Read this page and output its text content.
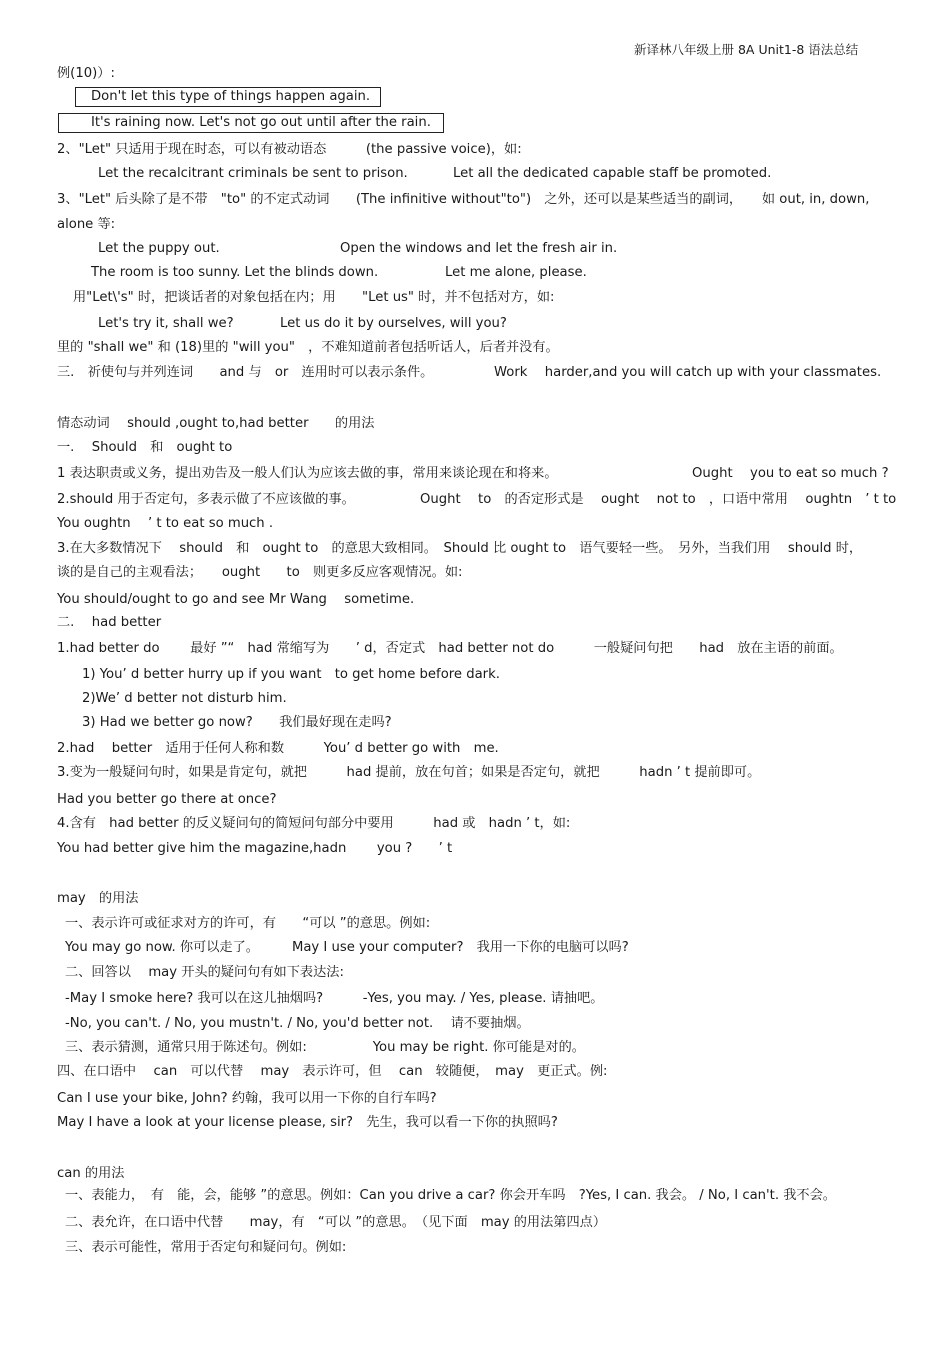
新译林八年级上册 8A Unit1-8 语法总结
例(10)）:
Don't let this type of things happen again.
It's raining now. Let's not go out until after the rain.
2、"Let" 只适用于现在时态，可以有被动语态　　　(the passive voice)，如:
Let the recalcitrant criminals be sent to prison.	Let all the dedicated capable staff be promoted.
3、"Let" 后头除了是不带　"to" 的不定式动词　　(The infinitive without"to")　之外，还可以是某些适当的副词，　　如 out, in, down,
alone 等:
Let the puppy out.	Open the windows and let the fresh air in.
The room is too sunny. Let the blinds down.	Let me alone, please.
用"Let\'s" 时，把谈话者的对象包括在内；用　　"Let us" 时，并不包括对方，如:
Let's try it, shall we?	Let us do it by ourselves, will you?
里的 "shall we" 和 (18)里的 "will you"　，不难知道前者包括听话人，后者并没有。
三.　祈使句与并列连词　　and 与　or　连用时可以表示条件。	Work　 harder,and you will catch up with your classmates.
情态动词　 should ,ought to,had better　　的用法
一.　 Should　和　ought to
1 表达职责或义务，提出劝告及一般人们认为应该去做的事，常用来谈论现在和将来。	Ought　 you to eat so much ?
2.should 用于否定句，多表示做了不应该做的事。	Ought　 to　的否定形式是　 ought　 not to　，口语中常用　 oughtn　’ t to
You oughtn　 ’ t to eat so much .
3.在大多数情况下　 should　和　ought to　的意思大致相同。　Should 比 ought to　语气要轻一些。　另外，当我们用　 should 时，
谈的是自己的主观看法；　　ought　　to　则更多反应客观情况。如:
You should/ought to go and see Mr Wang　 sometime.
二.　 had better
1.had better do　　 最好 ”“　had 常缩写为　　’ d，否定式　had better not do　　　一般疑问句把　　had　放在主语的前面。
1) You’ d better hurry up if you want　to get home before dark.
2)We’ d better not disturb him.
3) Had we better go now?　　我们最好现在走吗?
2.had　 better　适用于任何人称和数　　　You’ d better go with　me.
3.变为一般疑问句时，如果是肯定句，就把　　　had 提前，放在句首；如果是否定句，就把　　　hadn ’ t 提前即可。
Had you better go there at once?
4.含有　had better 的反义疑问句的简短问句部分中要用　　　had 或　hadn ’ t，如:
You had better give him the magazine,hadn　　 you ?　　’ t
may　的用法
一、表示许可或征求对方的许可，有　　“可以 ”的意思。例如:
You may go now. 你可以走了。　　　May I use your computer?　我用一下你的电脑可以吗?
二、回答以　 may 开头的疑问句有如下表达法:
-May I smoke here? 我可以在这儿抽烟吗?　　　-Yes, you may. / Yes, please. 请抽吧。
-No, you can't. / No, you mustn't. / No, you'd better not.　 请不要抽烟。
三、表示猜测，通常只用于陈述句。例如:　　　　　You may be right. 你可能是对的。
四、在口语中　 can　可以代替　 may　表示许可，但　 can　较随便，　may　更正式。例:
Can I use your bike, John? 约翰，我可以用一下你的自行车吗?
May I have a look at your license please, sir?　先生，我可以看一下你的执照吗?
can 的用法
一、表能力，　有　能，会，能够 ”的意思。例如：Can you drive a car? 你会开车吗　?Yes, I can. 我会。 / No, I can't. 我不会。
二、表允许，在口语中代替　　may，有　“可以 ”的意思。　（见下面　may 的用法第四点）
三、表示可能性，常用于否定句和疑问句。例如:
